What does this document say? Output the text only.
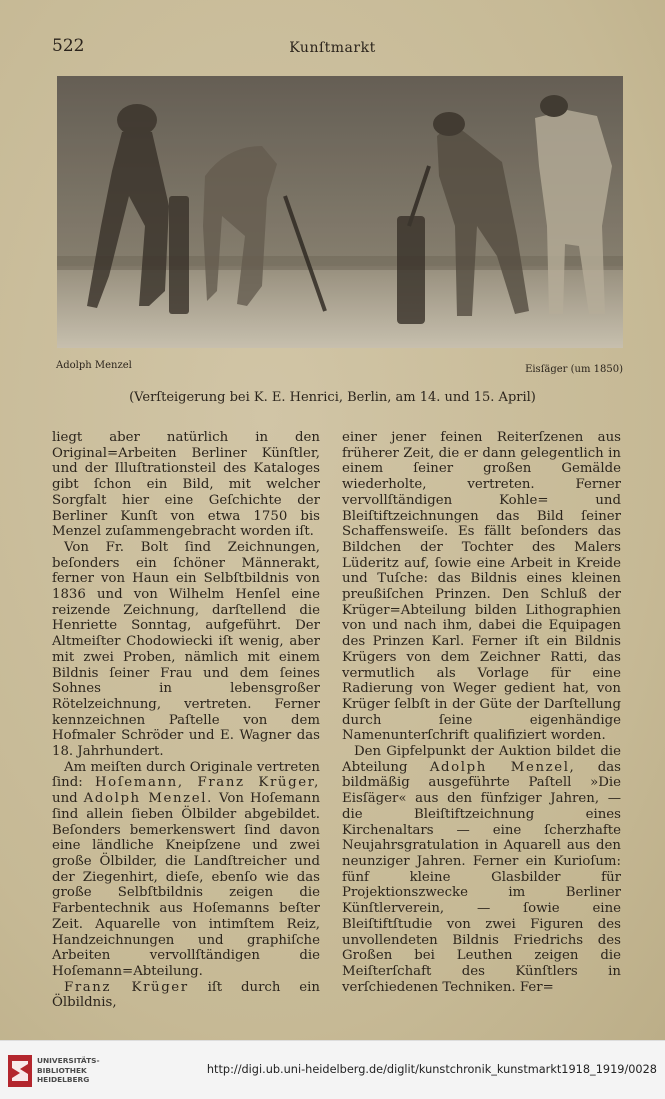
522	Kunſtmarkt
Adolph Menzel	Eisſäger (um 1850)
(Verſteigerung bei K. E. Henrici, Berlin, am 14. und 15. April)

liegt aber natürlich in den Original=Arbeiten Berliner Künſtler, und der Illuſtrationsteil des Kataloges gibt ſchon ein Bild, mit welcher Sorgfalt hier eine Geſchichte der Berliner Kunſt von etwa 1750 bis Menzel zuſammengebracht worden iſt.

Von Fr. Bolt ſind Zeichnungen, beſonders ein ſchöner Männerakt, ferner von Haun ein Selbſtbildnis von 1836 und von Wilhelm Henſel eine reizende Zeichnung, darſtellend die Henriette Sonntag, aufgeführt. Der Altmeiſter Chodowiecki iſt wenig, aber mit zwei Proben, nämlich mit einem Bildnis ſeiner Frau und dem ſeines Sohnes in lebensgroßer Rötelzeichnung, vertreten. Ferner kennzeichnen Paſtelle von dem Hofmaler Schröder und E. Wagner das 18. Jahrhundert.

Am meiſten durch Originale vertreten ſind: Hoſemann, Franz Krüger, und Adolph Menzel. Von Hoſemann ſind allein ſieben Ölbilder abgebildet. Beſonders bemerkenswert ſind davon eine ländliche Kneipſzene und zwei große Ölbilder, die Landſtreicher und der Ziegenhirt, dieſe, ebenſo wie das große Selbſtbildnis zeigen die Farbentechnik aus Hoſemanns beſter Zeit. Aquarelle von intimſtem Reiz, Handzeichnungen und graphiſche Arbeiten vervollſtändigen die Hoſemann=Abteilung.

Franz Krüger iſt durch ein Ölbildnis,

einer jener feinen Reiterſzenen aus früherer Zeit, die er dann gelegentlich in einem ſeiner großen Gemälde wiederholte, vertreten. Ferner vervollſtändigen Kohle= und Bleiſtiftzeichnungen das Bild ſeiner Schaffensweiſe. Es fällt beſonders das Bildchen der Tochter des Malers Lüderitz auf, ſowie eine Arbeit in Kreide und Tuſche: das Bildnis eines kleinen preußiſchen Prinzen. Den Schluß der Krüger=Abteilung bilden Lithographien von und nach ihm, dabei die Equipagen des Prinzen Karl. Ferner iſt ein Bildnis Krügers von dem Zeichner Ratti, das vermutlich als Vorlage für eine Radierung von Weger gedient hat, von Krüger ſelbſt in der Güte der Darſtellung durch ſeine eigenhändige Namenunterſchrift qualifiziert worden.

Den Gipfelpunkt der Auktion bildet die Abteilung Adolph Menzel, das bildmäßig ausgeführte Paſtell »Die Eisſäger« aus den fünfziger Jahren, — die Bleiſtiftzeichnung eines Kirchenaltars — eine ſcherzhafte Neujahrsgratulation in Aquarell aus den neunziger Jahren. Ferner ein Kurioſum: fünf kleine Glasbilder für Projektionszwecke im Berliner Künſtlerverein, — ſowie eine Bleiſtiftſtudie von zwei Figuren des unvollendeten Bildnis Friedrichs des Großen bei Leuthen zeigen die Meiſterſchaft des Künſtlers in verſchiedenen Techniken. Fer=

UNIVERSITÄTS-
BIBLIOTHEK
HEIDELBERG
http://digi.ub.uni-heidelberg.de/diglit/kunstchronik_kunstmarkt1918_1919/0028
